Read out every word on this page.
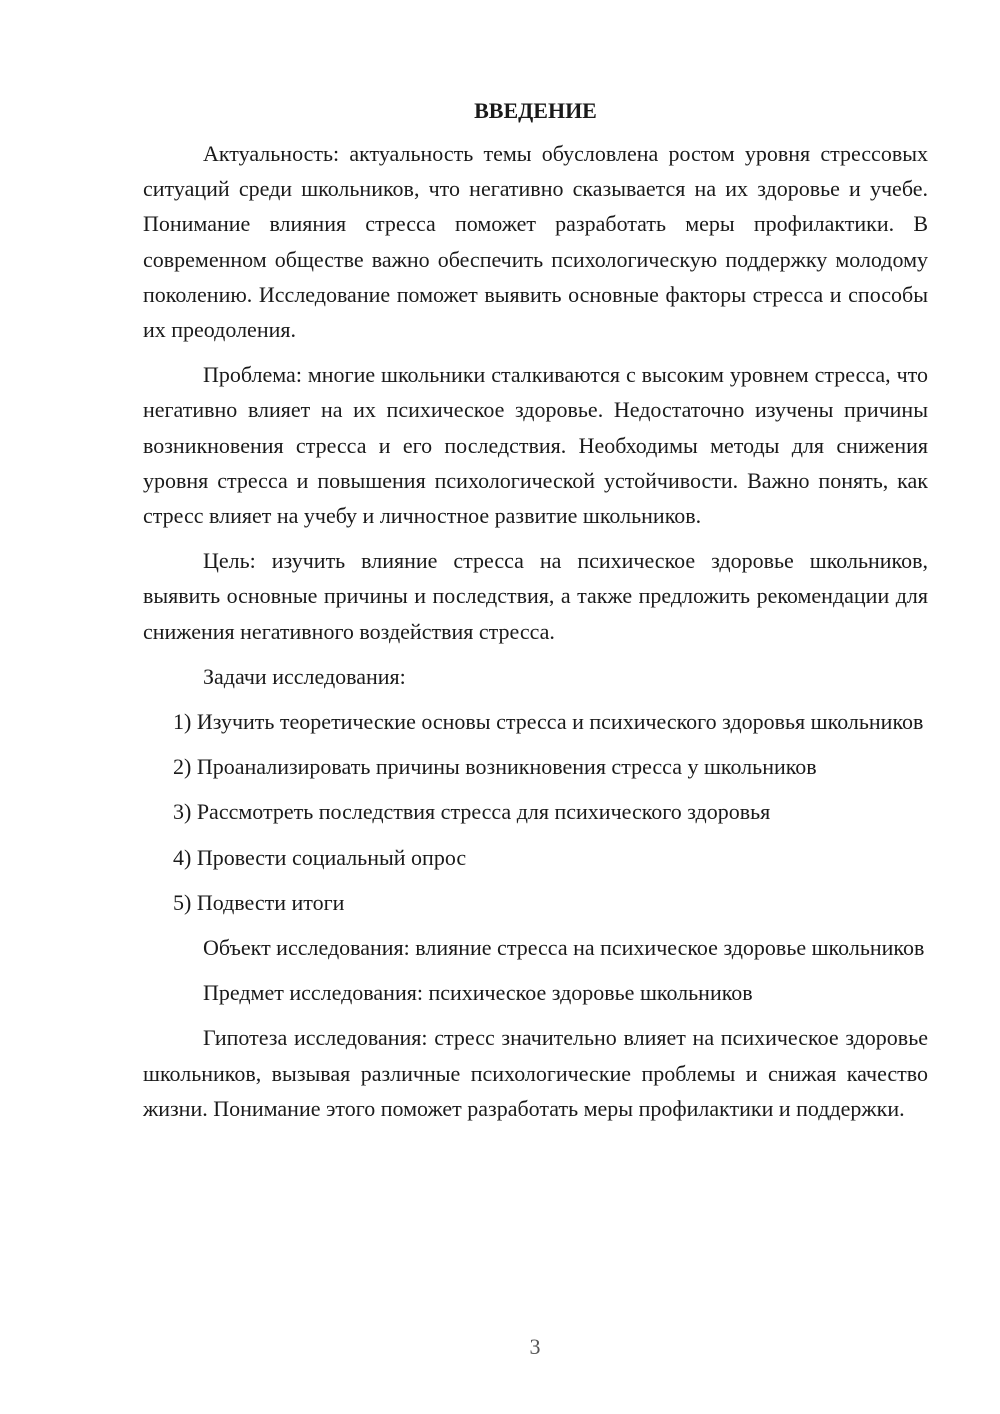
ВВЕДЕНИЕ

Актуальность: актуальность темы обусловлена ростом уровня стрессовых ситуаций среди школьников, что негативно сказывается на их здоровье и учебе. Понимание влияния стресса поможет разработать меры профилактики. В современном обществе важно обеспечить психологическую поддержку молодому поколению. Исследование поможет выявить основные факторы стресса и способы их преодоления.

Проблема: многие школьники сталкиваются с высоким уровнем стресса, что негативно влияет на их психическое здоровье. Недостаточно изучены причины возникновения стресса и его последствия. Необходимы методы для снижения уровня стресса и повышения психологической устойчивости. Важно понять, как стресс влияет на учебу и личностное развитие школьников.

Цель: изучить влияние стресса на психическое здоровье школьников, выявить основные причины и последствия, а также предложить рекомендации для снижения негативного воздействия стресса.

Задачи исследования:

1) Изучить теоретические основы стресса и психического здоровья школьников

2) Проанализировать причины возникновения стресса у школьников

3) Рассмотреть последствия стресса для психического здоровья

4) Провести социальный опрос

5) Подвести итоги

Объект исследования: влияние стресса на психическое здоровье школьников

Предмет исследования: психическое здоровье школьников

Гипотеза исследования: стресс значительно влияет на психическое здоровье школьников, вызывая различные психологические проблемы и снижая качество жизни. Понимание этого поможет разработать меры профилактики и поддержки.

3
